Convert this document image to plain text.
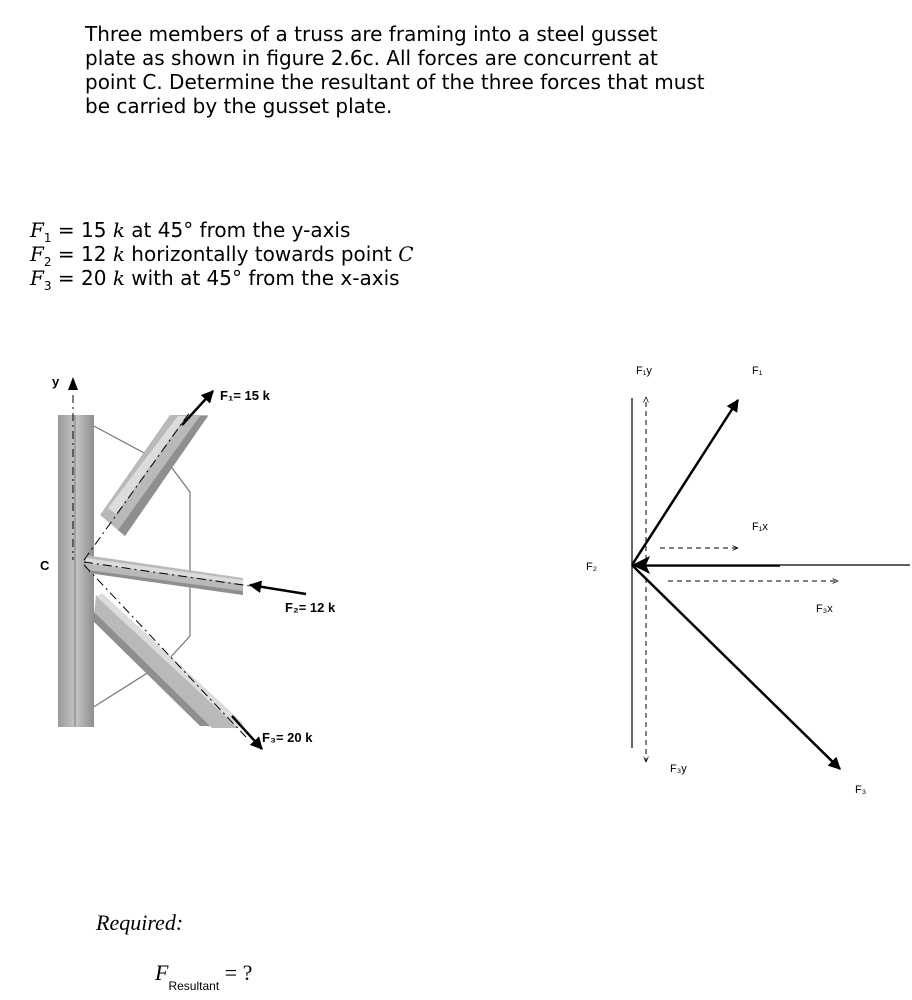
Three members of a truss are framing into a steel gusset plate as shown in figure 2.6c. All forces are concurrent at point C. Determine the resultant of the three forces that must be carried by the gusset plate.

$F_1 = 15$ k at 45° from the y-axis
$F_2 = 12$ k horizontally towards point C
$F_3 = 20$ k with at 45° from the x-axis
y
C
F₁= 15 k
F₂= 12 k
F₃= 20 k
F₁y	F₁
F₁x
F₂
F₃x
F₃y
F₃
Required:
$F_{Resultant}$ = ?
